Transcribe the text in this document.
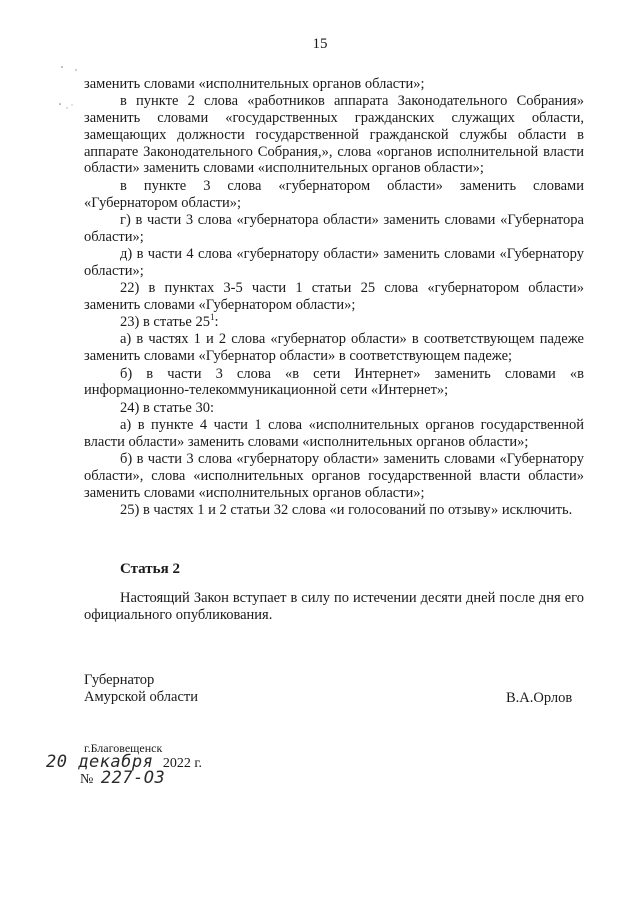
15

заменить словами «исполнительных органов области»;

в пункте 2 слова «работников аппарата Законодательного Собрания» заменить словами «государственных гражданских служащих области, замещающих должности государственной гражданской службы области в аппарате Законодательного Собрания,», слова «органов исполнительной власти области» заменить словами «исполнительных органов области»;

в пункте 3 слова «губернатором области» заменить словами «Губернатором области»;

г) в части 3 слова «губернатора области» заменить словами «Губернатора области»;

д) в части 4 слова «губернатору области» заменить словами «Губернатору области»;

22) в пунктах 3-5 части 1 статьи 25 слова «губернатором области» заменить словами «Губернатором области»;

23) в статье $25^1$:

а) в частях 1 и 2 слова «губернатор области» в соответствующем падеже заменить словами «Губернатор области» в соответствующем падеже;

б) в части 3 слова «в сети Интернет» заменить словами «в информационно-телекоммуникационной сети «Интернет»;

24) в статье 30:

а) в пункте 4 части 1 слова «исполнительных органов государственной власти области» заменить словами «исполнительных органов области»;

б) в части 3 слова «губернатору области» заменить словами «Губернатору области», слова «исполнительных органов государственной власти области» заменить словами «исполнительных органов области»;

25) в частях 1 и 2 статьи 32 слова «и голосований по отзыву» исключить.

Статья 2
Настоящий Закон вступает в силу по истечении десяти дней после дня его официального опубликования.
Губернатор
Амурской области	В.А.Орлов
г.Благовещенск
20 декабря 2022 г.
№ 227-ОЗ
